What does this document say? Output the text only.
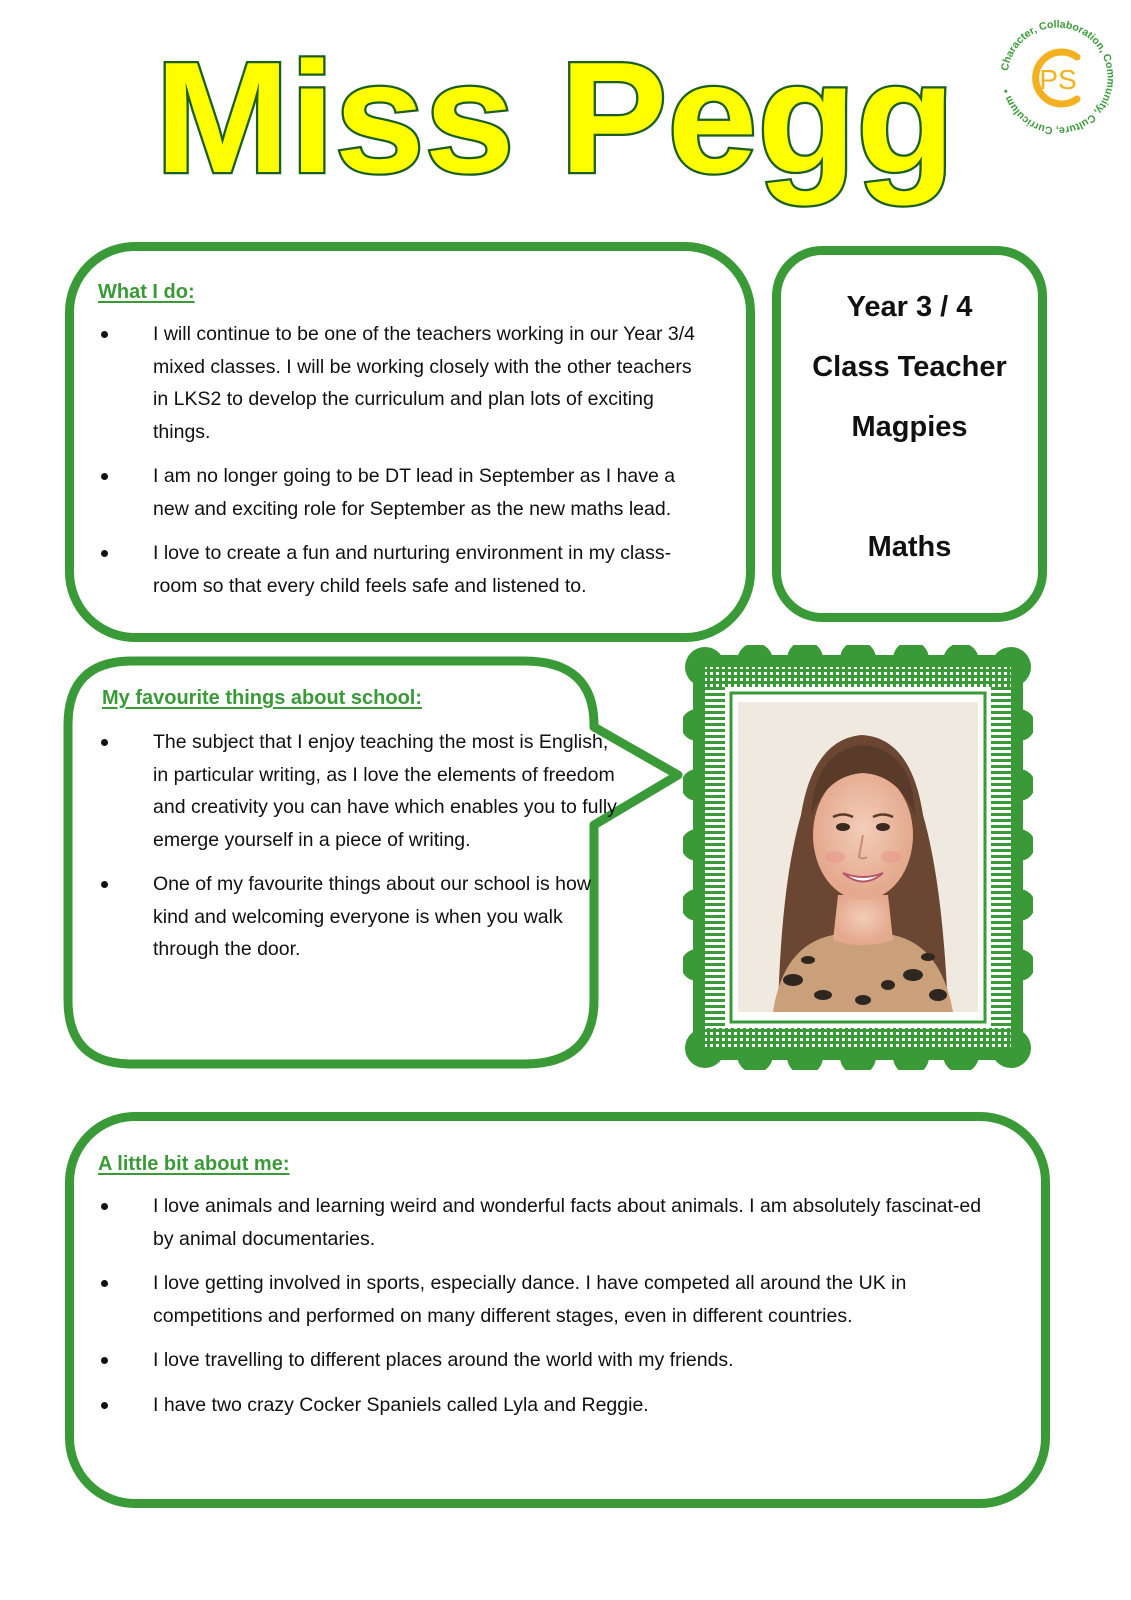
Miss Pegg	Character, Collaboration, Community, Culture, Curriculum • PS
What I do:
I will continue to be one of the teachers working in our Year 3/4 mixed classes. I will be working closely with the other teachers in LKS2 to develop the curriculum and plan lots of exciting things.
I am no longer going to be DT lead in September as I have a new and exciting role for September as the new maths lead.
I love to create a fun and nurturing environment in my class-room so that every child feels safe and listened to.
Year 3 / 4
Class Teacher
Magpies
Maths
My favourite things about school:
The subject that I enjoy teaching the most is English, in particular writing, as I love the elements of freedom and creativity you can have which enables you to fully emerge yourself in a piece of writing.
One of my favourite things about our school is how kind and welcoming everyone is when you walk through the door.
A little bit about me:
I love animals and learning weird and wonderful facts about animals. I am absolutely fascinat-ed by animal documentaries.
I love getting involved in sports, especially dance. I have competed all around the UK in competitions and performed on many different stages, even in different countries.
I love travelling to different places around the world with my friends.
I have two crazy Cocker Spaniels called Lyla and Reggie.
